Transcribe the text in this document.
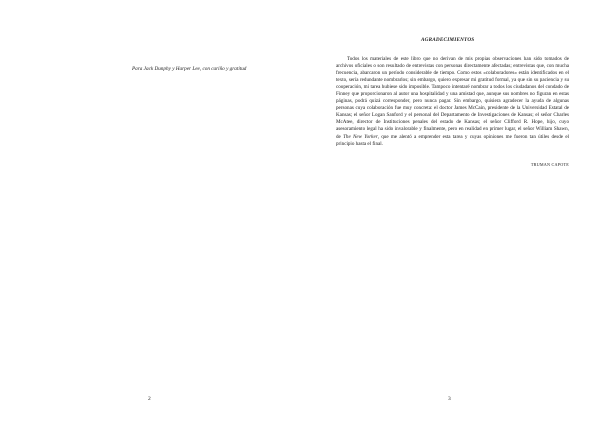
Para Jack Dunphy y Harper Lee, con cariño y gratitud
2
AGRADECIMIENTOS

Todos los materiales de este libro que no derivan de mis propias observaciones han sido tomados de archivos oficiales o son resultado de entrevistas con personas directamente afectadas; entrevistas que, con mucha frecuencia, abarcaron un período considerable de tiempo. Como estos «colaboradores» están identificados en el texto, sería redundante nombrarlos; sin embargo, quiero expresar mi gratitud formal, ya que sin su paciencia y su cooperación, mi tarea hubiese sido imposible. Tampoco intentaré nombrar a todos los ciudadanos del condado de Finney que proporcionaron al autor una hospitalidad y una amistad que, aunque sus nombres no figuran en estas páginas, podrá quizá corresponder, pero nunca pagar. Sin embargo, quisiera agradecer la ayuda de algunas personas cuya colaboración fue muy concreta: el doctor James McCain, presidente de la Universidad Estatal de Kansas; el señor Logan Sanford y el personal del Departamento de Investigaciones de Kansas; el señor Charles McAtee, director de Instituciones penales del estado de Kansas; el señor Clifford R. Hope, hijo, cuyo asesoramiento legal ha sido invalorable y finalmente, pero en realidad en primer lugar, el señor William Shawn, de The New Yorker, que me alentó a emprender esta tarea y cuyas opiniones me fueron tan útiles desde el principio hasta el final.

TRUMAN CAPOTE
3
